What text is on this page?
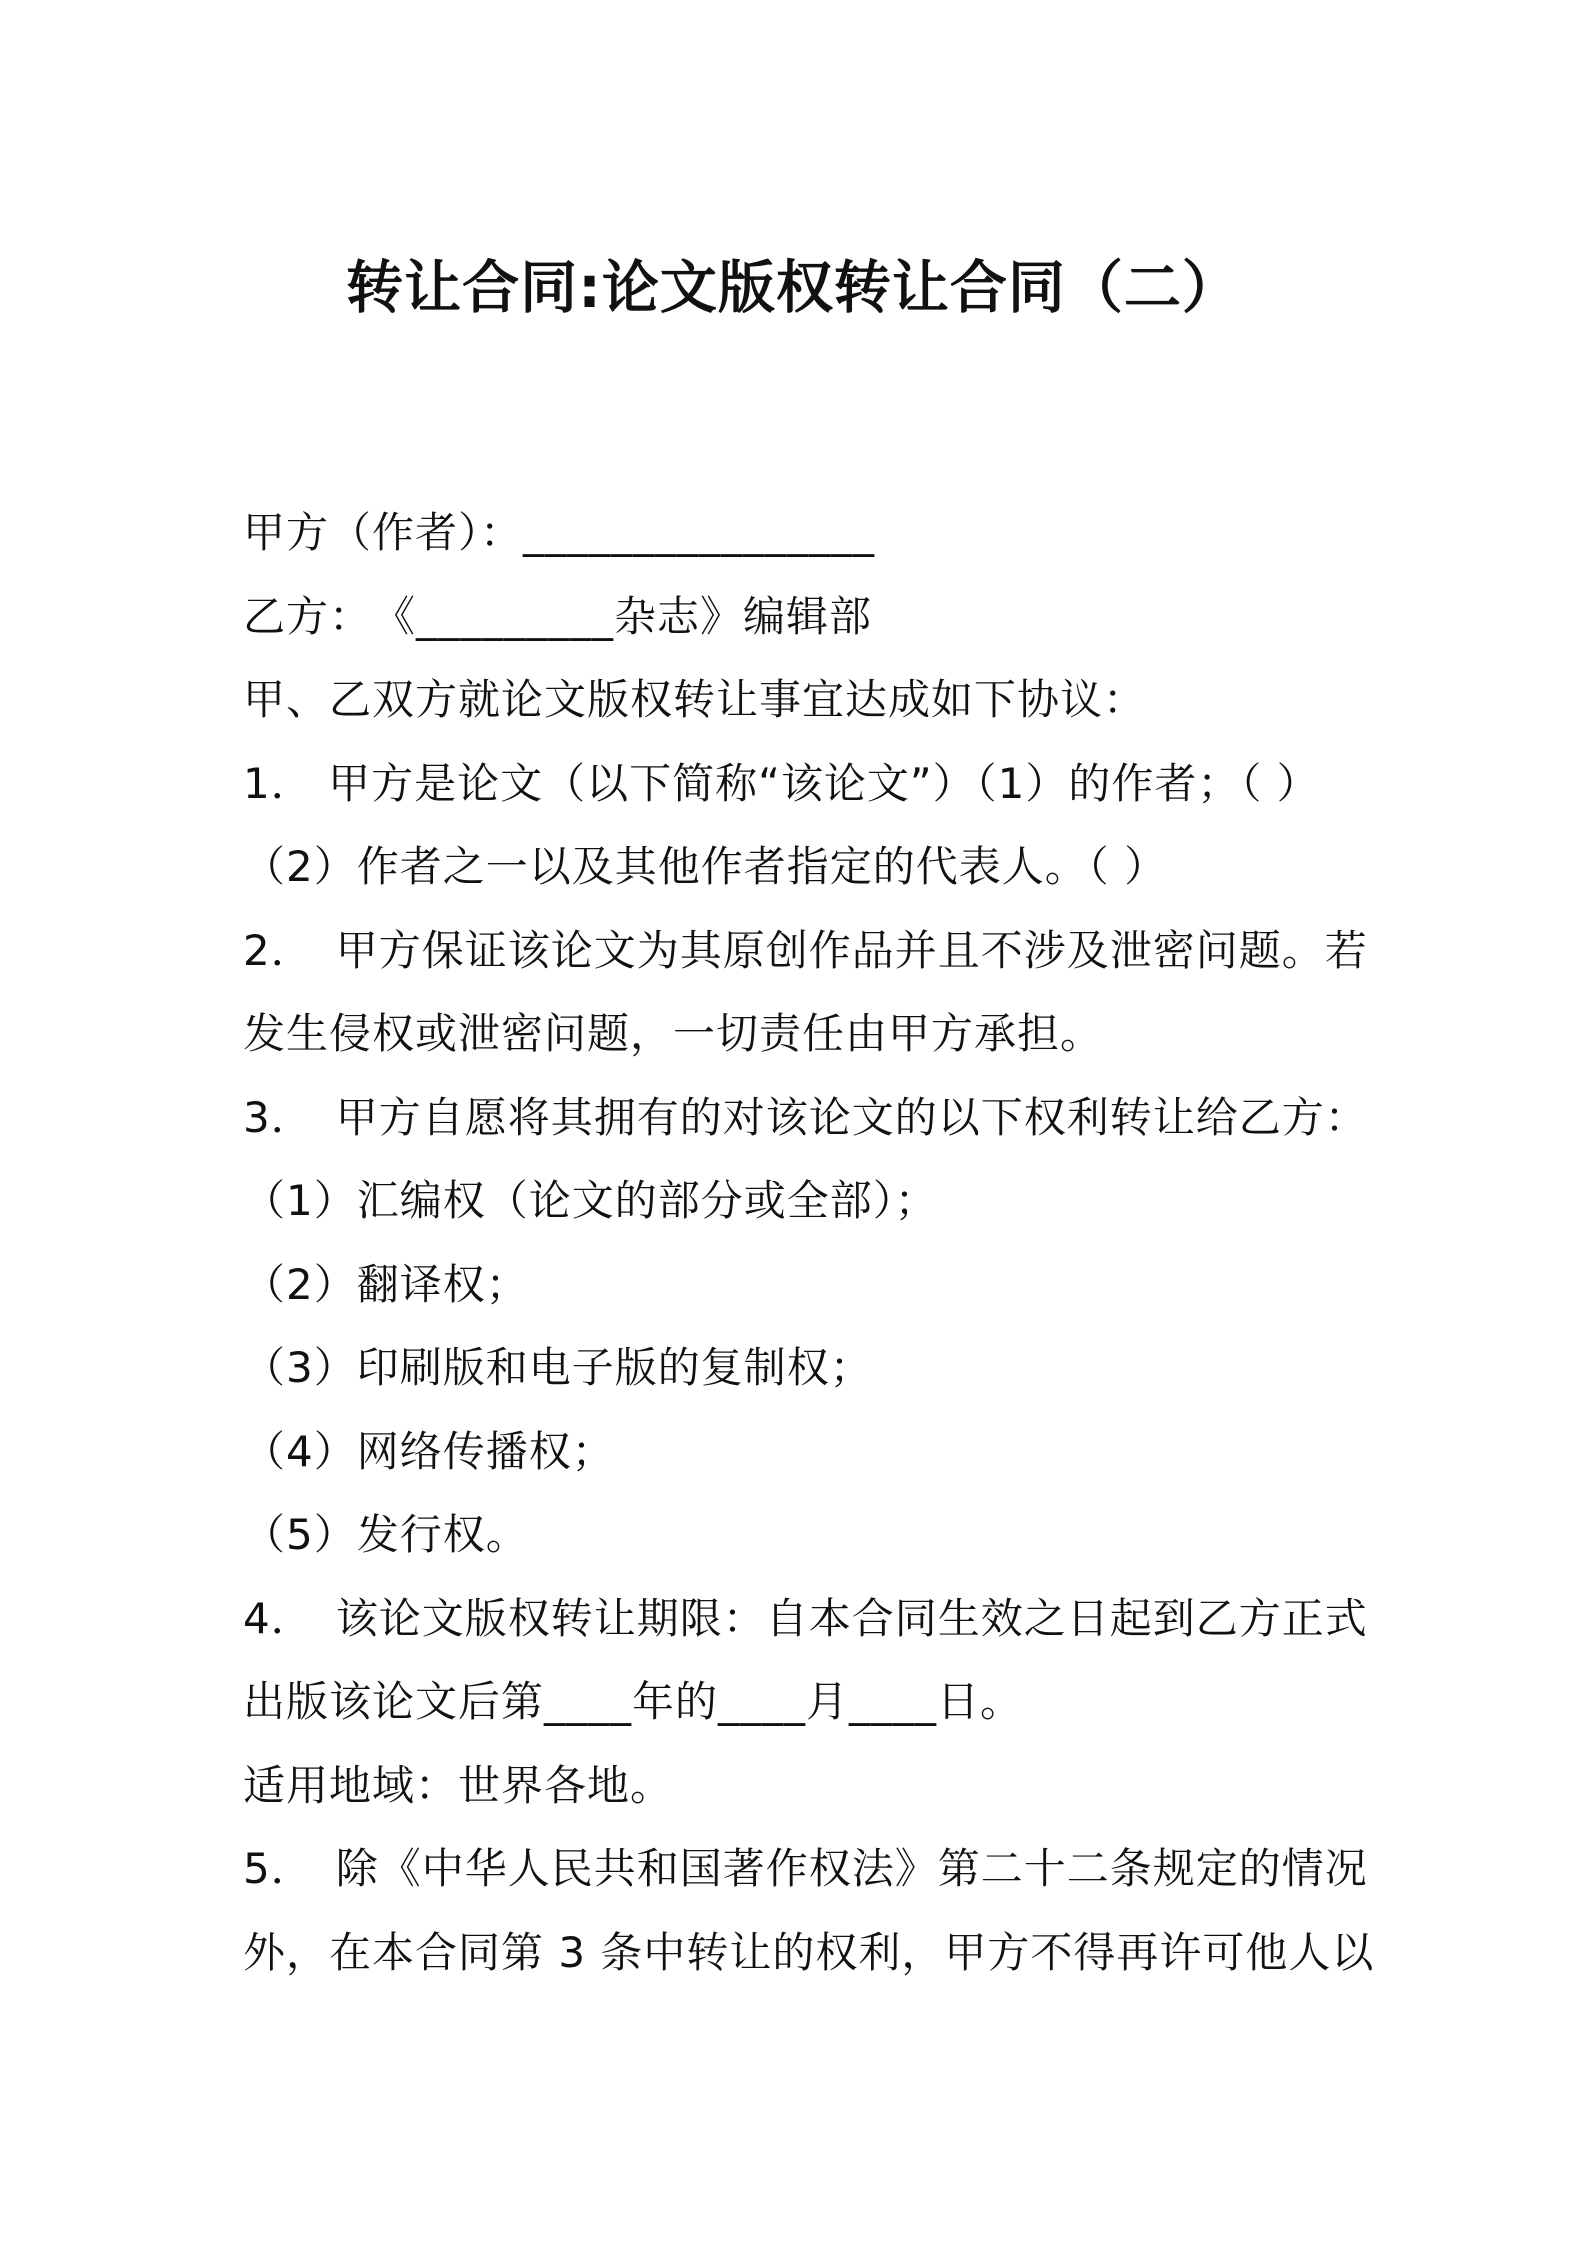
转让合同:论文版权转让合同（二）
甲方（作者）：________________
乙方：　《_________杂志》编辑部
甲、乙双方就论文版权转让事宜达成如下协议：
1． 甲方是论文（以下简称“该论文”）（1）的作者；（ ）
（2）作者之一以及其他作者指定的代表人。（ ）
2．　甲方保证该论文为其原创作品并且不涉及泄密问题。若
发生侵权或泄密问题，一切责任由甲方承担。
3．　甲方自愿将其拥有的对该论文的以下权利转让给乙方：
（1）汇编权（论文的部分或全部）；
（2）翻译权；
（3）印刷版和电子版的复制权；
（4）网络传播权；
（5）发行权。
4．　该论文版权转让期限：自本合同生效之日起到乙方正式
出版该论文后第____年的____月____日。
适用地域：世界各地。
5．　除《中华人民共和国著作权法》第二十二条规定的情况
外，在本合同第 3 条中转让的权利，甲方不得再许可他人以
